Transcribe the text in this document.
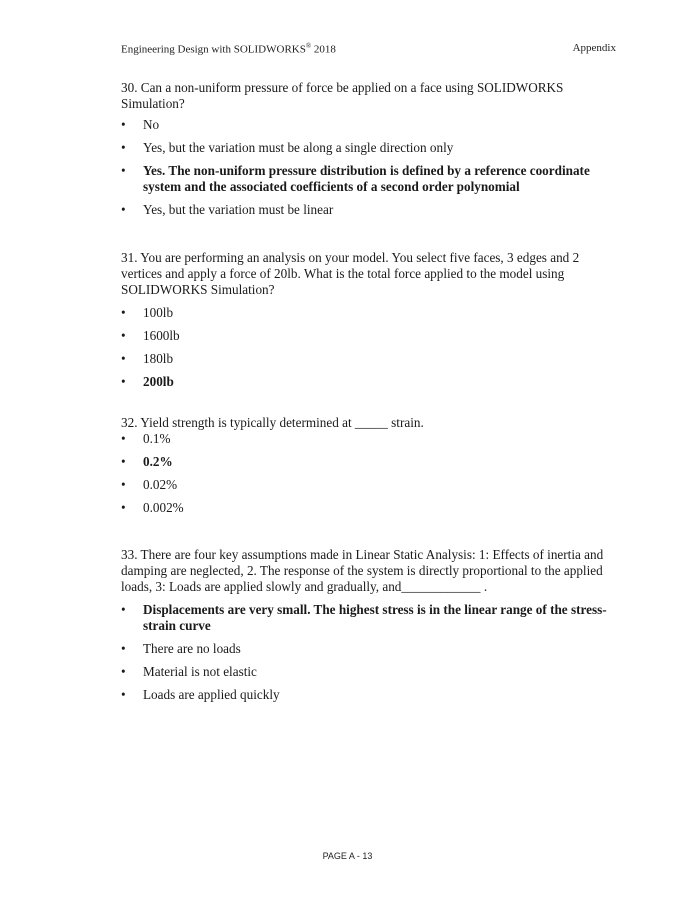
Engineering Design with SOLIDWORKS® 2018	Appendix

30. Can a non-uniform pressure of force be applied on a face using SOLIDWORKS Simulation?

• No
• Yes, but the variation must be along a single direction only
• Yes. The non-uniform pressure distribution is defined by a reference coordinate system and the associated coefficients of a second order polynomial
• Yes, but the variation must be linear

31. You are performing an analysis on your model. You select five faces, 3 edges and 2 vertices and apply a force of 20lb. What is the total force applied to the model using SOLIDWORKS Simulation?

• 100lb
• 1600lb
• 180lb
• 200lb

32. Yield strength is typically determined at _____ strain.

• 0.1%
• 0.2%
• 0.02%
• 0.002%

33. There are four key assumptions made in Linear Static Analysis: 1: Effects of inertia and damping are neglected, 2. The response of the system is directly proportional to the applied loads, 3: Loads are applied slowly and gradually, and____________ .

• Displacements are very small. The highest stress is in the linear range of the stress-strain curve
• There are no loads
• Material is not elastic
• Loads are applied quickly
PAGE A - 13
